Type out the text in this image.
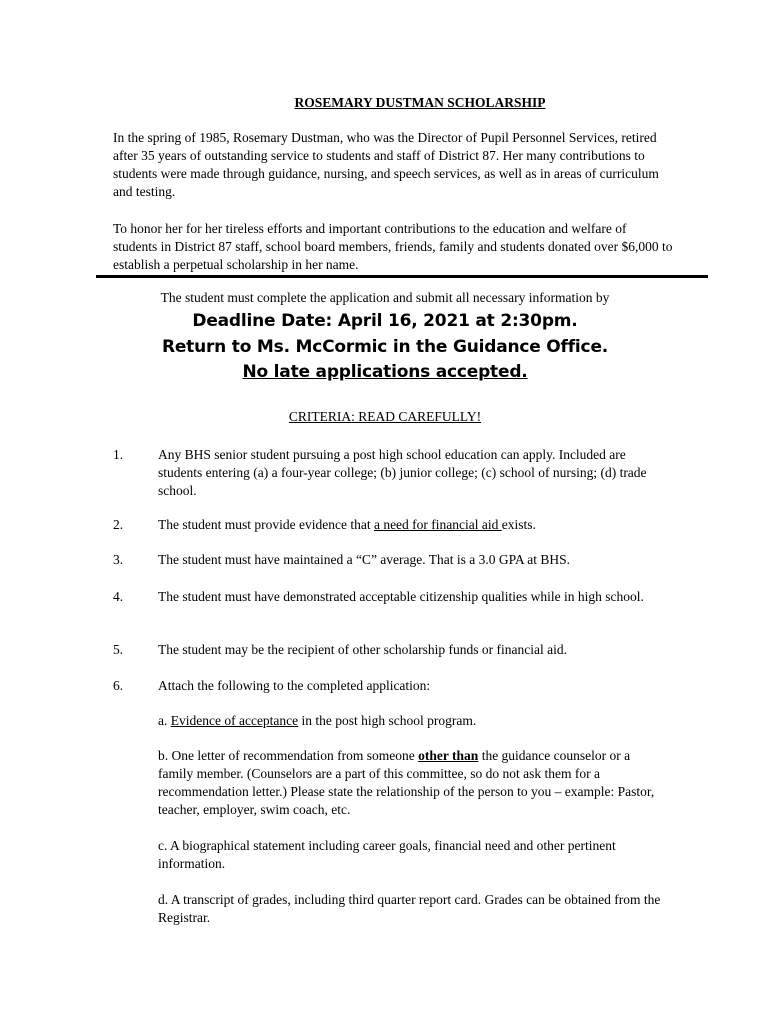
ROSEMARY DUSTMAN SCHOLARSHIP
In the spring of 1985, Rosemary Dustman, who was the Director of Pupil Personnel Services, retired after 35 years of outstanding service to students and staff of District 87. Her many contributions to students were made through guidance, nursing, and speech services, as well as in areas of curriculum and testing.
To honor her for her tireless efforts and important contributions to the education and welfare of students in District 87 staff, school board members, friends, family and students donated over $6,000 to establish a perpetual scholarship in her name.
The student must complete the application and submit all necessary information by
Deadline Date: April 16, 2021 at 2:30pm.
Return to Ms. McCormic in the Guidance Office.
No late applications accepted.
CRITERIA: READ CAREFULLY!
1.	Any BHS senior student pursuing a post high school education can apply. Included are students entering (a) a four-year college; (b) junior college; (c) school of nursing; (d) trade school.
2.	The student must provide evidence that a need for financial aid exists.
3.	The student must have maintained a “C” average. That is a 3.0 GPA at BHS.
4.	The student must have demonstrated acceptable citizenship qualities while in high school.
5.	The student may be the recipient of other scholarship funds or financial aid.
6.	Attach the following to the completed application:
a. Evidence of acceptance in the post high school program.
b. One letter of recommendation from someone other than the guidance counselor or a family member. (Counselors are a part of this committee, so do not ask them for a recommendation letter.) Please state the relationship of the person to you – example: Pastor, teacher, employer, swim coach, etc.
c. A biographical statement including career goals, financial need and other pertinent information.
d. A transcript of grades, including third quarter report card. Grades can be obtained from the Registrar.
